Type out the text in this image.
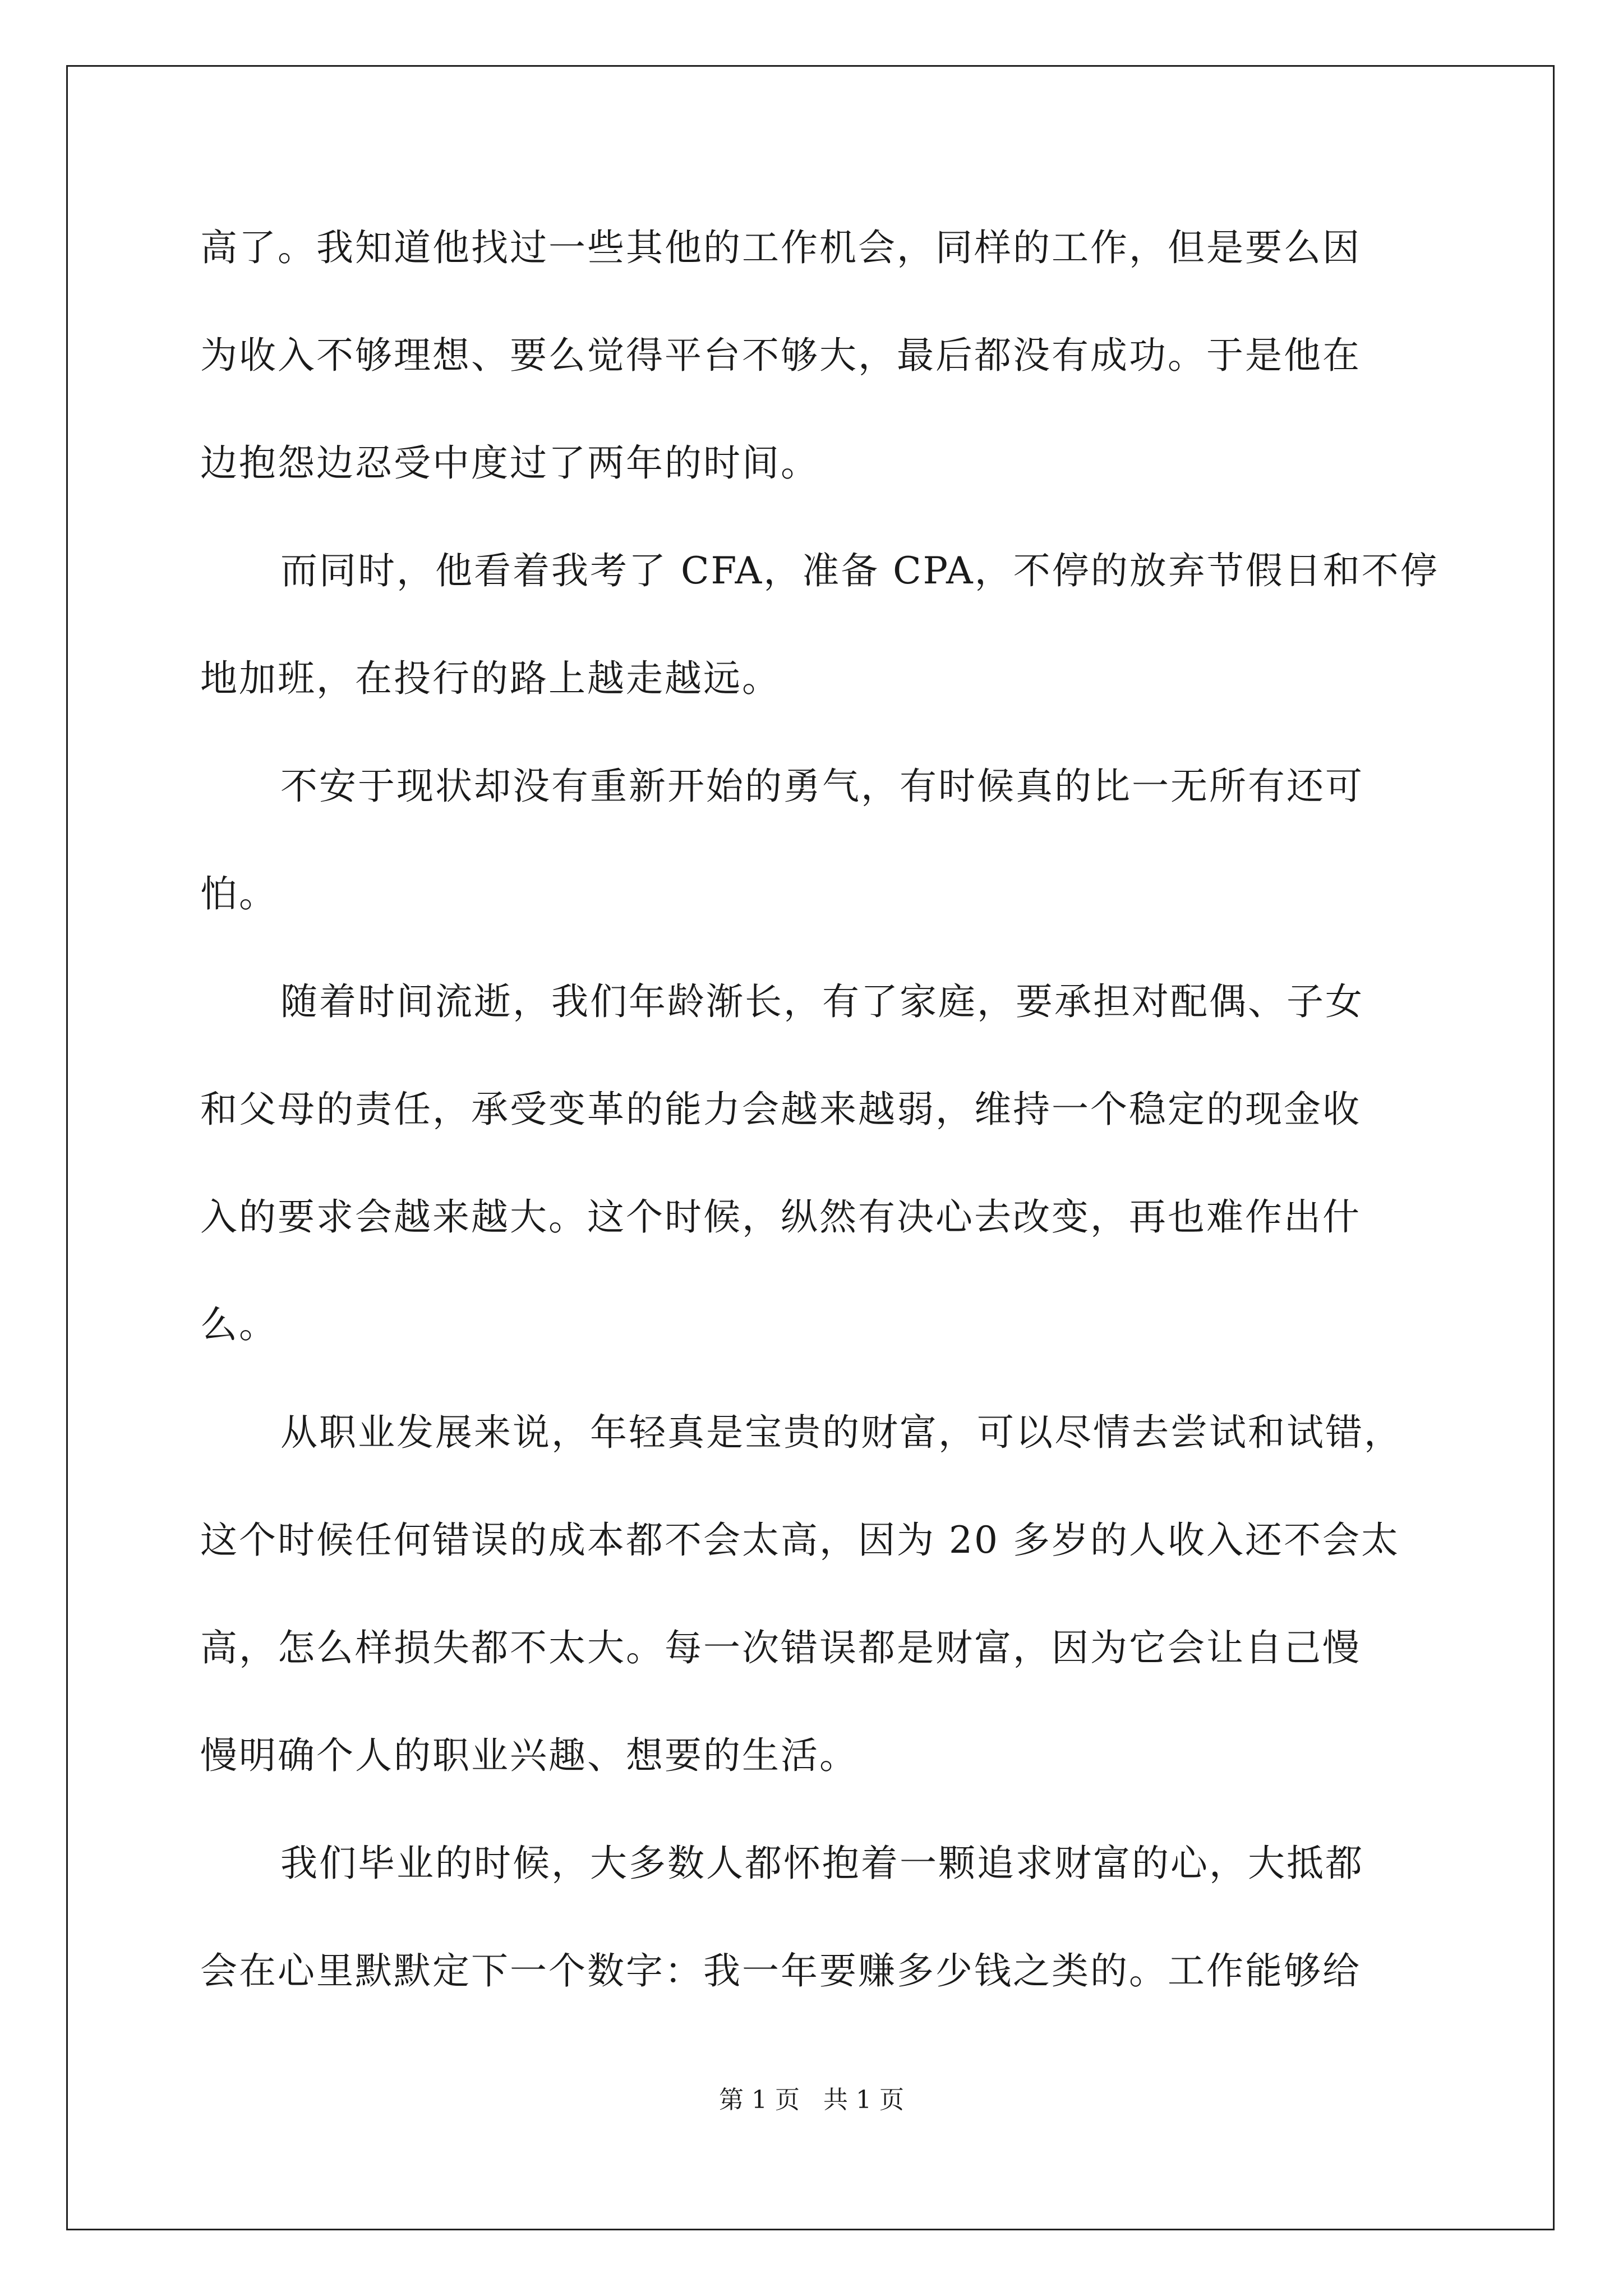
高了。我知道他找过一些其他的工作机会，同样的工作，但是要么因
为收入不够理想、要么觉得平台不够大，最后都没有成功。于是他在
边抱怨边忍受中度过了两年的时间。
而同时，他看着我考了 CFA，准备 CPA，不停的放弃节假日和不停
地加班，在投行的路上越走越远。
不安于现状却没有重新开始的勇气，有时候真的比一无所有还可
怕。
随着时间流逝，我们年龄渐长，有了家庭，要承担对配偶、子女
和父母的责任，承受变革的能力会越来越弱，维持一个稳定的现金收
入的要求会越来越大。这个时候，纵然有决心去改变，再也难作出什
么。
从职业发展来说，年轻真是宝贵的财富，可以尽情去尝试和试错，
这个时候任何错误的成本都不会太高，因为 20 多岁的人收入还不会太
高，怎么样损失都不太大。每一次错误都是财富，因为它会让自己慢
慢明确个人的职业兴趣、想要的生活。
我们毕业的时候，大多数人都怀抱着一颗追求财富的心，大抵都
会在心里默默定下一个数字：我一年要赚多少钱之类的。工作能够给
第 1 页   共 1 页
